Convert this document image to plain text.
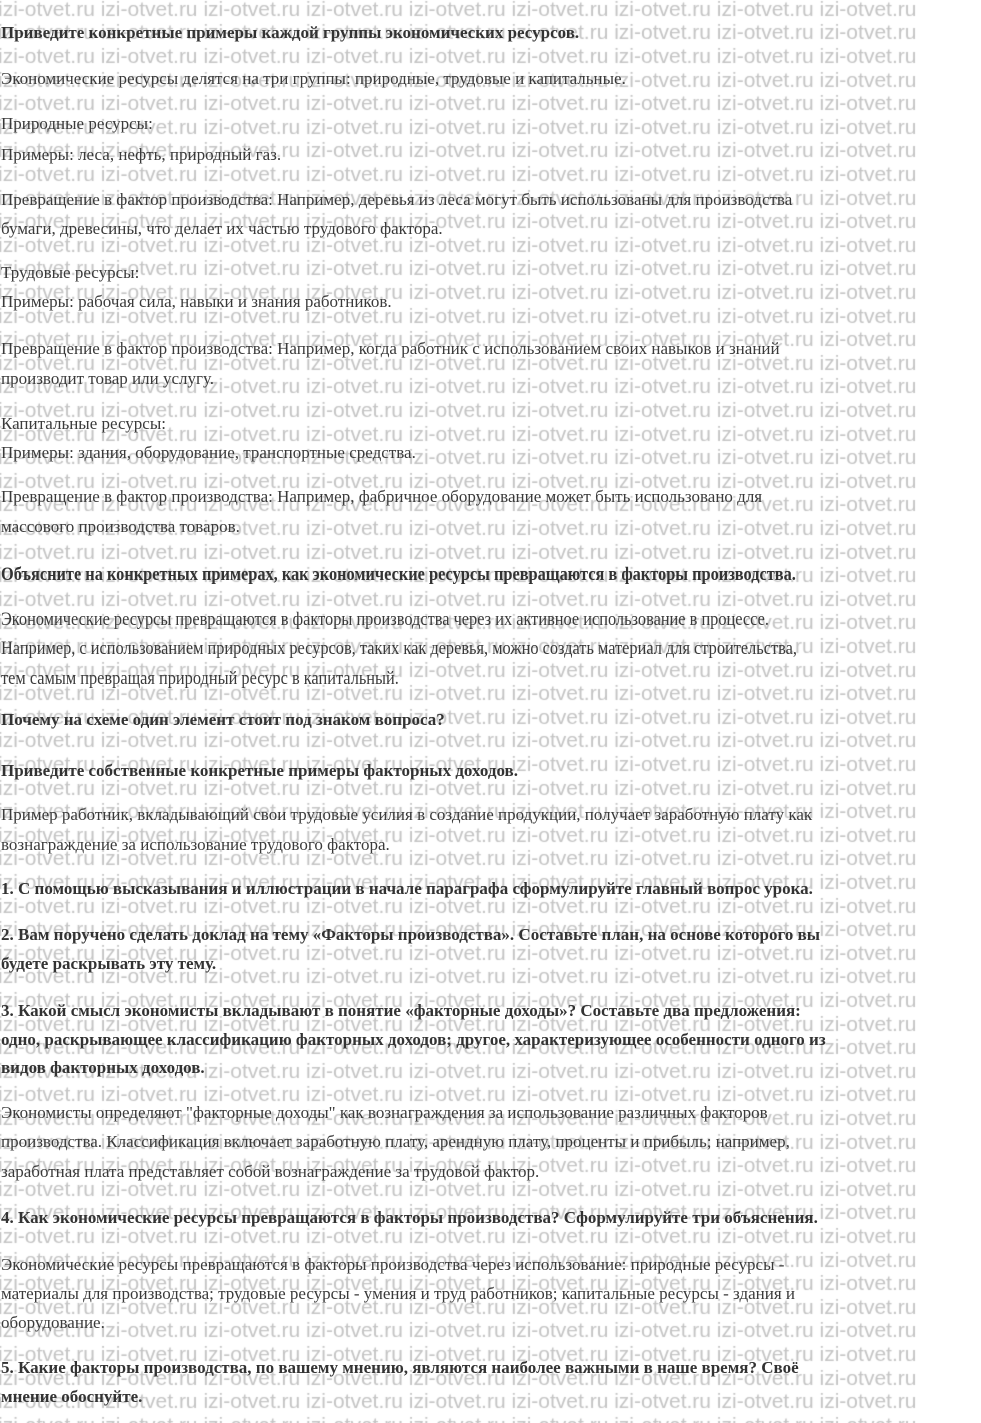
Приведите конкретные примеры каждой группы экономических ресурсов.
Экономические ресурсы делятся на три группы: природные, трудовые и капитальные.
Природные ресурсы:
Примеры: леса, нефть, природный газ.
Превращение в фактор производства: Например, деревья из леса могут быть использованы для производства
бумаги, древесины, что делает их частью трудового фактора.
Трудовые ресурсы:
Примеры: рабочая сила, навыки и знания работников.
Превращение в фактор производства: Например, когда работник с использованием своих навыков и знаний
производит товар или услугу.
Капитальные ресурсы:
Примеры: здания, оборудование, транспортные средства.
Превращение в фактор производства: Например, фабричное оборудование может быть использовано для
массового производства товаров.
Объясните на конкретных примерах, как экономические ресурсы превращаются в факторы производства.
Экономические ресурсы превращаются в факторы производства через их активное использование в процессе.
Например, с использованием природных ресурсов, таких как деревья, можно создать материал для строительства,
тем самым превращая природный ресурс в капитальный.
Почему на схеме один элемент стоит под знаком вопроса?
Приведите собственные конкретные примеры факторных доходов.
Пример работник, вкладывающий свои трудовые усилия в создание продукции, получает заработную плату как
вознаграждение за использование трудового фактора.
1. С помощью высказывания и иллюстрации в начале параграфа сформулируйте главный вопрос урока.
2. Вам поручено сделать доклад на тему «Факторы производства». Составьте план, на основе которого вы
будете раскрывать эту тему.
3. Какой смысл экономисты вкладывают в понятие «факторные доходы»? Составьте два предложения:
одно, раскрывающее классификацию факторных доходов; другое, характеризующее особенности одного из
видов факторных доходов.
Экономисты определяют "факторные доходы" как вознаграждения за использование различных факторов
производства. Классификация включает заработную плату, арендную плату, проценты и прибыль; например,
заработная плата представляет собой вознаграждение за трудовой фактор.
4. Как экономические ресурсы превращаются в факторы производства? Сформулируйте три объяснения.
Экономические ресурсы превращаются в факторы производства через использование: природные ресурсы -
материалы для производства; трудовые ресурсы - умения и труд работников; капитальные ресурсы - здания и
оборудование.
5. Какие факторы производства, по вашему мнению, являются наиболее важными в наше время? Своё
мнение обоснуйте.
